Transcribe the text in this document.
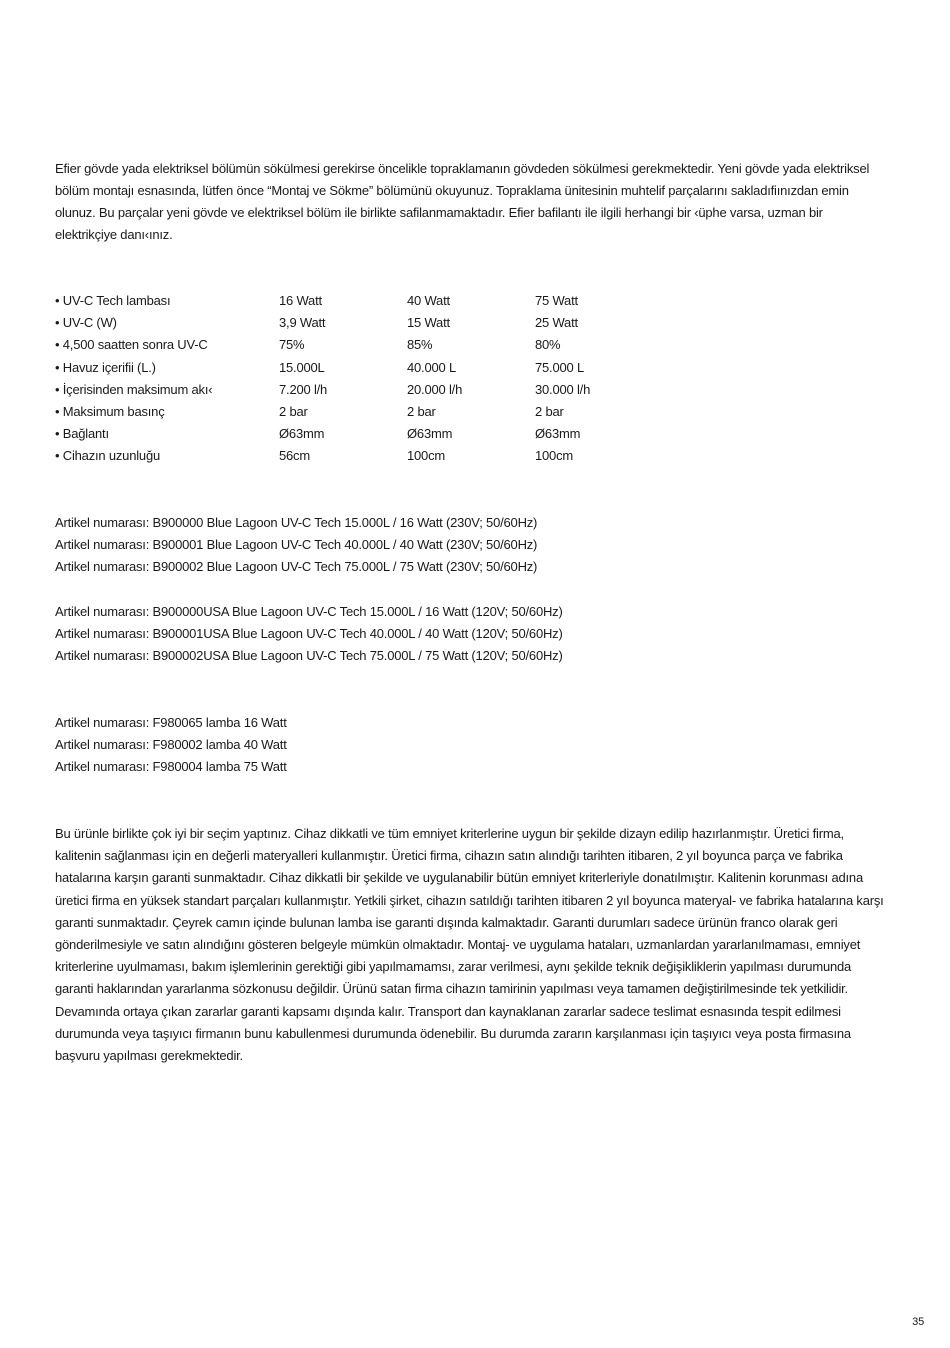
Efier gövde yada elektriksel bölümün sökülmesi gerekirse öncelikle topraklamanın gövdeden sökülmesi gerekmektedir. Yeni gövde yada elektriksel bölüm montajı esnasında, lütfen önce “Montaj ve Sökme” bölümünü okuyunuz. Topraklama ünitesinin muhtelif parçalarını sakladıfiınızdan emin olunuz. Bu parçalar yeni gövde ve elektriksel bölüm ile birlikte safilanmamaktadır. Efier bafilantı ile ilgili herhangi bir ‹üphe varsa, uzman bir elektrikçiye danı‹ınız.

• UV-C Tech lambası	16 Watt	40 Watt	75 Watt
• UV-C (W)	3,9 Watt	15 Watt	25 Watt
• 4,500 saatten sonra UV-C	75%	85%	80%
• Havuz içerifii (L.)	15.000L	40.000 L	75.000 L
• İçerisinden maksimum akı‹	7.200 l/h	20.000 l/h	30.000 l/h
• Maksimum basınç	2 bar	2 bar	2 bar
• Bağlantı	Ø63mm	Ø63mm	Ø63mm
• Cihazın uzunluğu	56cm	100cm	100cm
Artikel numarası: B900000 Blue Lagoon UV-C Tech 15.000L / 16 Watt (230V; 50/60Hz)
Artikel numarası: B900001 Blue Lagoon UV-C Tech 40.000L / 40 Watt (230V; 50/60Hz)
Artikel numarası: B900002 Blue Lagoon UV-C Tech 75.000L / 75 Watt (230V; 50/60Hz)
Artikel numarası: B900000USA Blue Lagoon UV-C Tech 15.000L / 16 Watt (120V; 50/60Hz)
Artikel numarası: B900001USA Blue Lagoon UV-C Tech 40.000L / 40 Watt (120V; 50/60Hz)
Artikel numarası: B900002USA Blue Lagoon UV-C Tech 75.000L / 75 Watt (120V; 50/60Hz)
Artikel numarası: F980065 lamba 16 Watt
Artikel numarası: F980002 lamba 40 Watt
Artikel numarası: F980004 lamba 75 Watt

Bu ürünle birlikte çok iyi bir seçim yaptınız. Cihaz dikkatli ve tüm emniyet kriterlerine uygun bir şekilde dizayn edilip hazırlanmıştır. Üretici firma, kalitenin sağlanması için en değerli materyalleri kullanmıştır. Üretici firma, cihazın satın alındığı tarihten itibaren, 2 yıl boyunca parça ve fabrika hatalarına karşın garanti sunmaktadır. Cihaz dikkatli bir şekilde ve uygulanabilir bütün emniyet kriterleriyle donatılmıştır. Kalitenin korunması adına üretici firma en yüksek standart parçaları kullanmıştır. Yetkili şirket, cihazın satıldığı tarihten itibaren 2 yıl boyunca materyal- ve fabrika hatalarına karşı garanti sunmaktadır. Çeyrek camın içinde bulunan lamba ise garanti dışında kalmaktadır. Garanti durumları sadece ürünün franco olarak geri gönderilmesiyle ve satın alındığını gösteren belgeyle mümkün olmaktadır. Montaj- ve uygulama hataları, uzmanlardan yararlanılmaması, emniyet kriterlerine uyulmaması, bakım işlemlerinin gerektiği gibi yapılmamamsı, zarar verilmesi, aynı şekilde teknik değişikliklerin yapılması durumunda garanti haklarından yararlanma sözkonusu değildir. Ürünü satan firma cihazın tamirinin yapılması veya tamamen değiştirilmesinde tek yetkilidir. Devamında ortaya çıkan zararlar garanti kapsamı dışında kalır. Transport dan kaynaklanan zararlar sadece teslimat esnasında tespit edilmesi durumunda veya taşıyıcı firmanın bunu kabullenmesi durumunda ödenebilir. Bu durumda zararın karşılanması için taşıyıcı veya posta firmasına başvuru yapılması gerekmektedir.

35
